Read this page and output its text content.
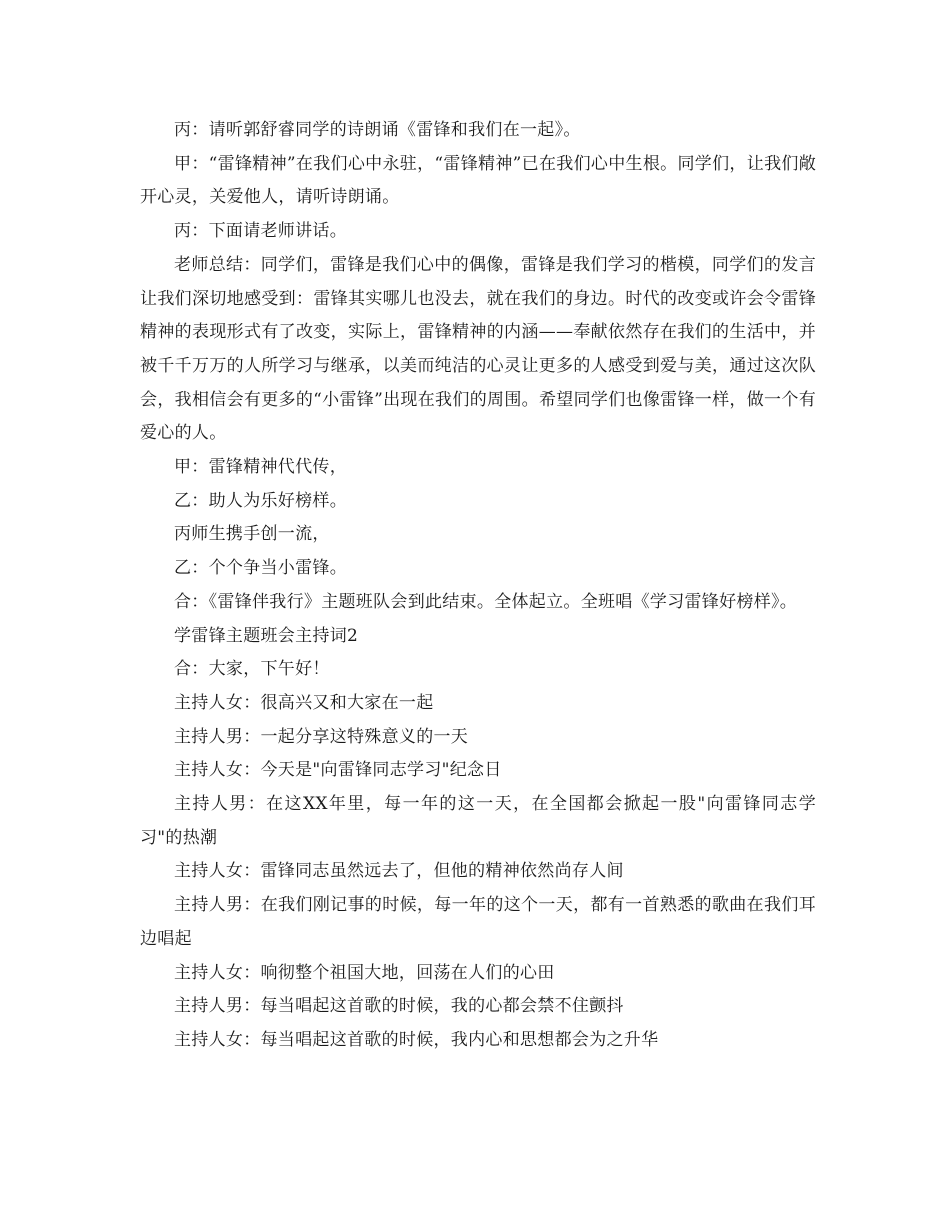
丙：请听郭舒睿同学的诗朗诵《雷锋和我们在一起》。

甲：“雷锋精神”在我们心中永驻，“雷锋精神”已在我们心中生根。同学们，让我们敞开心灵，关爱他人，请听诗朗诵。

丙：下面请老师讲话。

老师总结：同学们，雷锋是我们心中的偶像，雷锋是我们学习的楷模，同学们的发言让我们深切地感受到：雷锋其实哪儿也没去，就在我们的身边。时代的改变或许会令雷锋精神的表现形式有了改变，实际上，雷锋精神的内涵——奉献依然存在我们的生活中，并被千千万万的人所学习与继承，以美而纯洁的心灵让更多的人感受到爱与美，通过这次队会，我相信会有更多的“小雷锋”出现在我们的周围。希望同学们也像雷锋一样，做一个有爱心的人。

甲：雷锋精神代代传，

乙：助人为乐好榜样。

丙师生携手创一流，

乙：个个争当小雷锋。

合：《雷锋伴我行》主题班队会到此结束。全体起立。全班唱《学习雷锋好榜样》。

学雷锋主题班会主持词2

合：大家，下午好！

主持人女：很高兴又和大家在一起

主持人男：一起分享这特殊意义的一天

主持人女：今天是"向雷锋同志学习"纪念日

主持人男：在这XX年里，每一年的这一天，在全国都会掀起一股"向雷锋同志学习"的热潮

主持人女：雷锋同志虽然远去了，但他的精神依然尚存人间

主持人男：在我们刚记事的时候，每一年的这个一天，都有一首熟悉的歌曲在我们耳边唱起

主持人女：响彻整个祖国大地，回荡在人们的心田

主持人男：每当唱起这首歌的时候，我的心都会禁不住颤抖

主持人女：每当唱起这首歌的时候，我内心和思想都会为之升华
